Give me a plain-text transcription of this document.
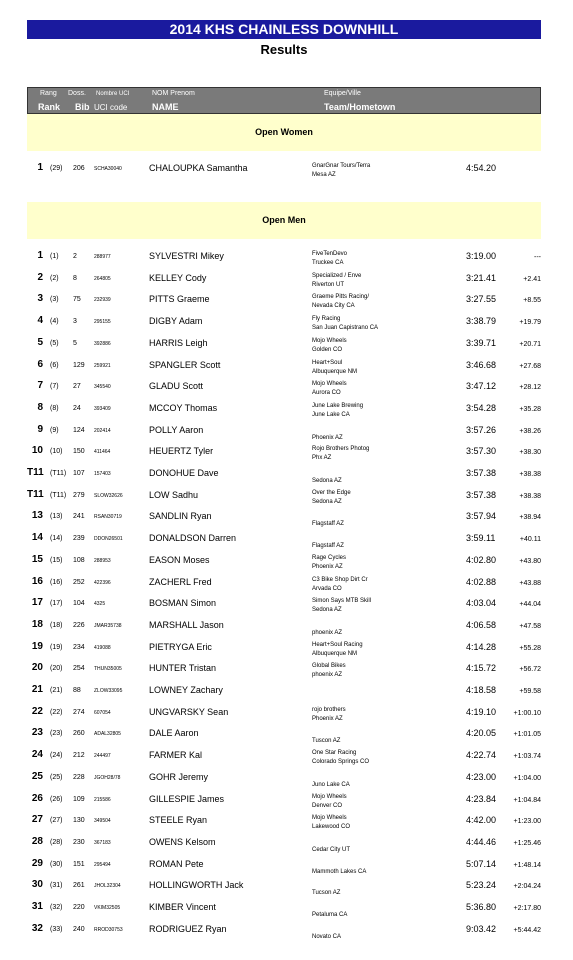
2014 KHS CHAINLESS DOWNHILL
Results
Rang Doss. Nombre UCI	NOM Prenom	Equipe/Ville
Rank Bib UCI code	NAME	Team/Hometown
Open Women
1 (29) 206 SCHA30040	CHALOUPKA Samantha	4:54.20
GnarGnar Tours/Terra
Mesa AZ
Open Men
1 (1) 2	288977	SYLVESTRI Mikey	3:19.00	---
FiveTenDevo
Truckee CA
2 (2) 8	264805	KELLEY Cody	3:21.41	+2.41
Specialized / Enve
Riverton UT
3 (3) 75	232939	PITTS Graeme	3:27.55	+8.55
Graeme Pitts Racing/
Nevada City CA
4 (4) 3	295155	DIGBY Adam	3:38.79	+19.79
Fly Racing
San Juan Capistrano CA
5 (5) 5	392886	HARRIS Leigh	3:39.71	+20.71
Mojo Wheels
Golden CO
6 (6) 129 259921	SPANGLER Scott	3:46.68	+27.68
Heart+Soul
Albuquerque NM
7 (7) 27	345540	GLADU Scott	3:47.12	+28.12
Mojo Wheels
Aurora CO
8 (8) 24	393409	MCCOY Thomas	3:54.28	+35.28
June Lake Brewing
June Lake CA
9 (9) 124 202414	POLLY Aaron	3:57.26	+38.26
Phoenix AZ
10 (10) 150 411464	HEUERTZ Tyler	3:57.30	+38.30
Rojo Brothers Photog
Phx AZ
T11 (T11) 107 157403	DONOHUE Dave	3:57.38	+38.38
Sedona AZ
T11 (T11) 279 SLOW32626	LOW Sadhu	3:57.38	+38.38
Over the Edge
Sedona AZ
13 (13) 241 RSAN30719	SANDLIN Ryan	3:57.94	+38.94
Flagstaff AZ
14 (14) 239 DDON26501	DONALDSON Darren	3:59.11	+40.11
Flagstaff AZ
15 (15) 108 288953	EASON Moses	4:02.80	+43.80
Rage Cycles
Phoenix AZ
16 (16) 252 422396	ZACHERL Fred	4:02.88	+43.88
C3 Bike Shop Dirt Cr
Arvada CO
17 (17) 104 4325	BOSMAN Simon	4:03.04	+44.04
Simon Says MTB Skill
Sedona AZ
18 (18) 226 JMAR35738	MARSHALL Jason	4:06.58	+47.58
phoenix AZ
19 (19) 234 419088	PIETRYGA Eric	4:14.28	+55.28
Heart+Soul Racing
Albuquerque NM
20 (20) 254 THUN35005	HUNTER Tristan	4:15.72	+56.72
Global Bikes
phoenix AZ
21 (21) 88	ZLOW33095	LOWNEY Zachary	4:18.58	+59.58
22 (22) 274 607054	UNGVARSKY Sean	4:19.10	+1:00.10
rojo brothers
Phoenix AZ
23 (23) 260 ADAL32805	DALE Aaron	4:20.05	+1:01.05
Tuscon AZ
24 (24) 212 244497	FARMER Kal	4:22.74	+1:03.74
One Star Racing
Colorado Springs CO
25 (25) 228 JGOH28/78	GOHR Jeremy	4:23.00	+1:04.00
Juno Lake CA
26 (26) 109 215586	GILLESPIE James	4:23.84	+1:04.84
Mojo Wheels
Denver CO
27 (27) 130 349504	STEELE Ryan	4:42.00	+1:23.00
Mojo Wheels
Lakewood CO
28 (28) 230 367183	OWENS Kelsom	4:44.46	+1:25.46
Cedar City UT
29 (30) 151 295494	ROMAN Pete	5:07.14	+1:48.14
Mammoth Lakes CA
30 (31) 261 JHOL32304	HOLLINGWORTH Jack	5:23.24	+2:04.24
Tucson AZ
31 (32) 220 VKIM32505	KIMBER Vincent	5:36.80	+2:17.80
Petaluma CA
32 (33) 240 RROD30753	RODRIGUEZ Ryan	9:03.42	+5:44.42
Novato CA
